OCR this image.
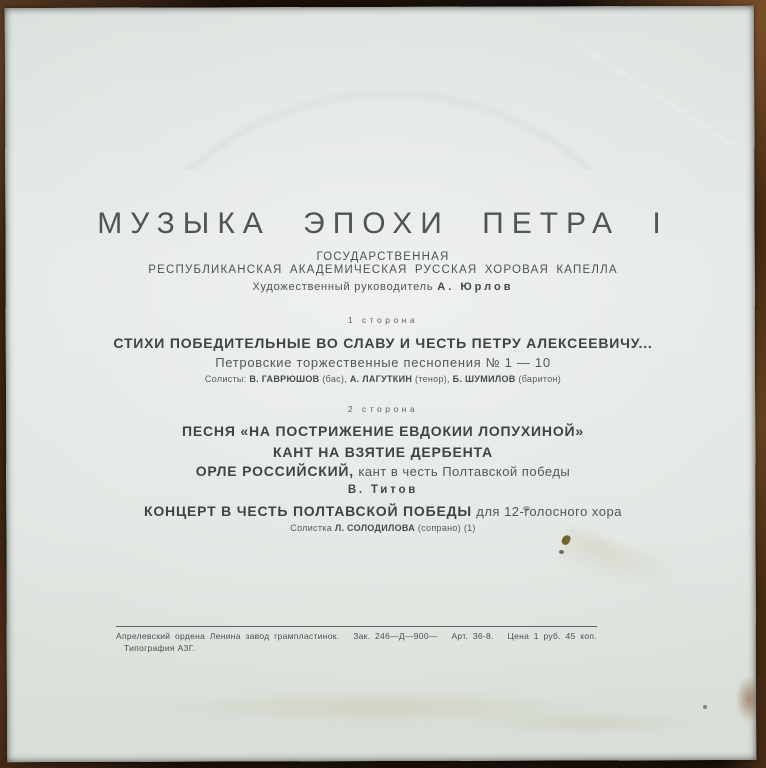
МУЗЫКА ЭПОХИ ПЕТРА I
ГОСУДАРСТВЕННАЯ
РЕСПУБЛИКАНСКАЯ АКАДЕМИЧЕСКАЯ РУССКАЯ ХОРОВАЯ КАПЕЛЛА
Художественный руководитель А. Юрлов
1 сторона
СТИХИ ПОБЕДИТЕЛЬНЫЕ ВО СЛАВУ И ЧЕСТЬ ПЕТРУ АЛЕКСЕЕВИЧУ...
Петровские торжественные песнопения № 1 — 10
Солисты: В. ГАВРЮШОВ (бас), А. ЛАГУТКИН (тенор), Б. ШУМИЛОВ (баритон)
2 сторона
ПЕСНЯ «НА ПОСТРИЖЕНИЕ ЕВДОКИИ ЛОПУХИНОЙ»
КАНТ НА ВЗЯТИЕ ДЕРБЕНТА
ОРЛЕ РОССИЙСКИЙ, кант в честь Полтавской победы
В. Титов
КОНЦЕРТ В ЧЕСТЬ ПОЛТАВСКОЙ ПОБЕДЫ для 12-голосного хора
Солистка Л. СОЛОДИЛОВА (сопрано) (1)
Апрелевский ордена Ленина завод грампластинок. Зак. 246—Д—900— Арт. 36-8. Цена 1 руб. 45 коп.
Типография АЗГ.
